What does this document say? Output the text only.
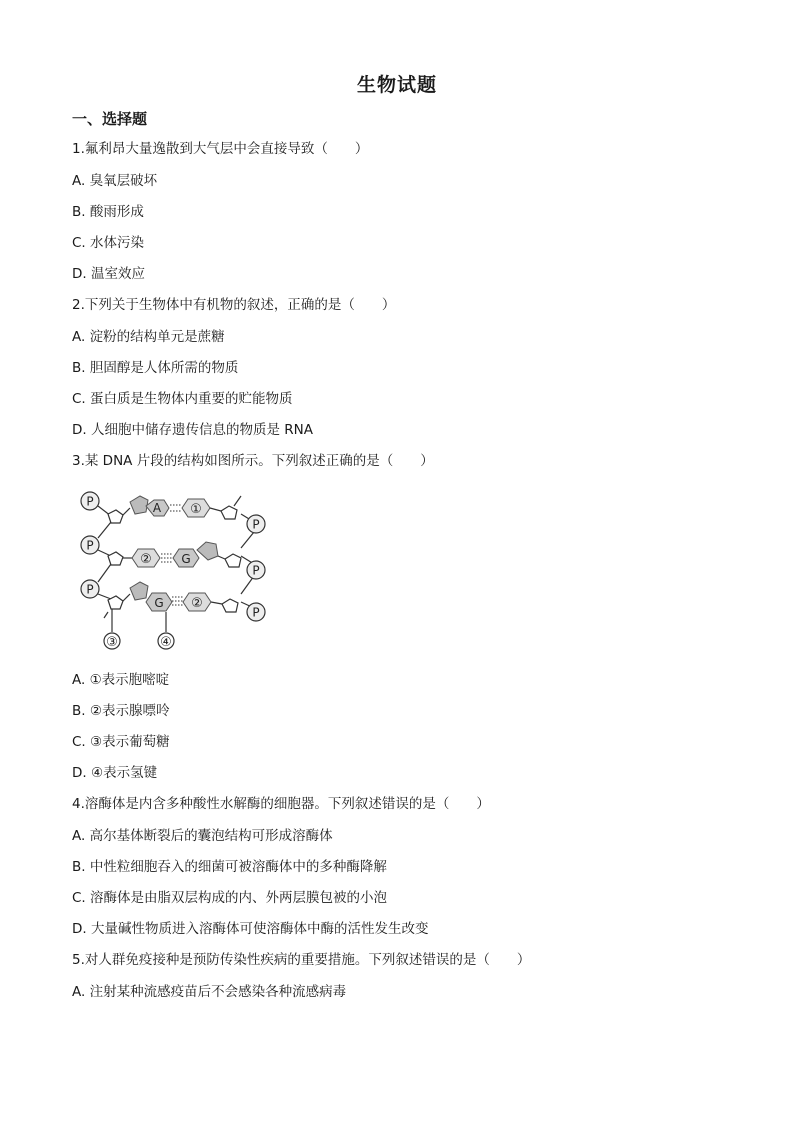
生物试题
一、选择题
1.氟利昂大量逸散到大气层中会直接导致（　　）
A. 臭氧层破坏
B. 酸雨形成
C. 水体污染
D. 温室效应
2.下列关于生物体中有机物的叙述，正确的是（　　）
A. 淀粉的结构单元是蔗糖
B. 胆固醇是人体所需的物质
C. 蛋白质是生物体内重要的贮能物质
D. 人细胞中储存遗传信息的物质是 RNA
3.某 DNA 片段的结构如图所示。下列叙述正确的是（　　）
P	A ①
P
P
② G
P
P
G ②
P
③	④
A. ①表示胞嘧啶
B. ②表示腺嘌呤
C. ③表示葡萄糖
D. ④表示氢键
4.溶酶体是内含多种酸性水解酶的细胞器。下列叙述错误的是（　　）
A. 高尔基体断裂后的囊泡结构可形成溶酶体
B. 中性粒细胞吞入的细菌可被溶酶体中的多种酶降解
C. 溶酶体是由脂双层构成的内、外两层膜包被的小泡
D. 大量碱性物质进入溶酶体可使溶酶体中酶的活性发生改变
5.对人群免疫接种是预防传染性疾病的重要措施。下列叙述错误的是（　　）
A. 注射某种流感疫苗后不会感染各种流感病毒
